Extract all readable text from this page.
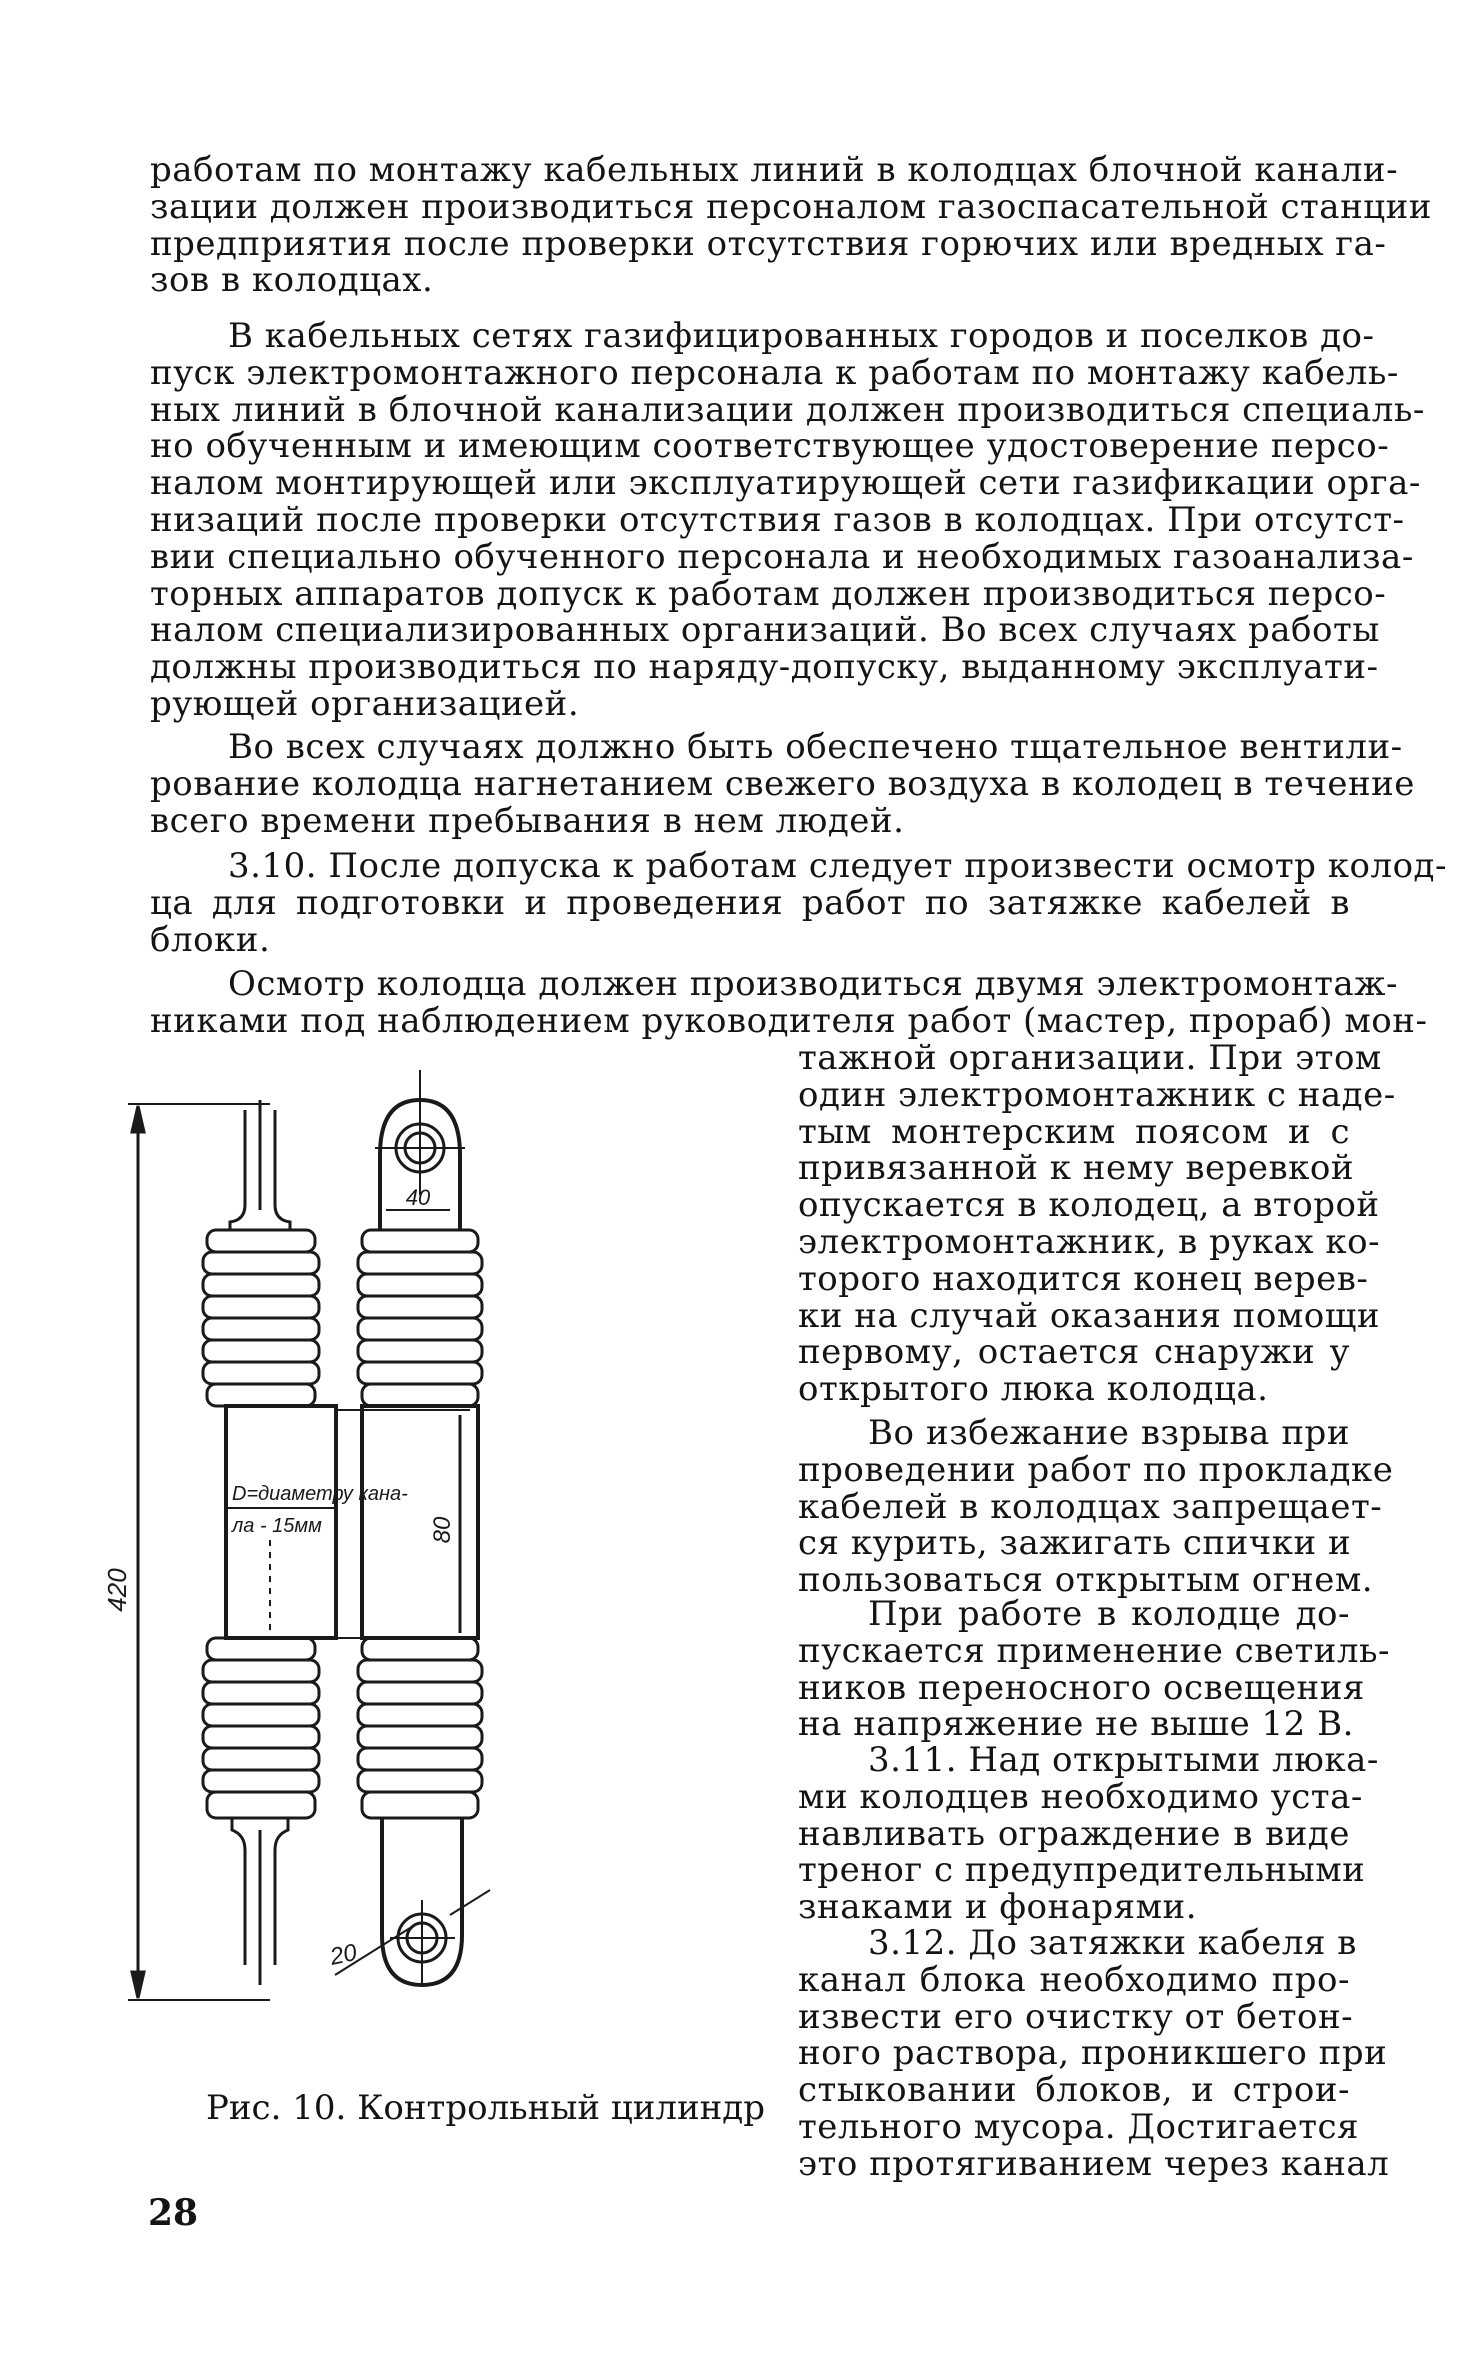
работам по монтажу кабельных линий в колодцах блочной канали-
зации должен производиться персоналом газоспасательной станции
предприятия после проверки отсутствия горючих или вредных га-
зов в колодцах.
В кабельных сетях газифицированных городов и поселков до-
пуск электромонтажного персонала к работам по монтажу кабель-
ных линий в блочной канализации должен производиться специаль-
но обученным и имеющим соответствующее удостоверение персо-
налом монтирующей или эксплуатирующей сети газификации орга-
низаций после проверки отсутствия газов в колодцах. При отсутст-
вии специально обученного персонала и необходимых газоанализа-
торных аппаратов допуск к работам должен производиться персо-
налом специализированных организаций. Во всех случаях работы
должны производиться по наряду-допуску, выданному эксплуати-
рующей организацией.
Во всех случаях должно быть обеспечено тщательное вентили-
рование колодца нагнетанием свежего воздуха в колодец в течение
всего времени пребывания в нем людей.
3.10. После допуска к работам следует произвести осмотр колод-
ца для подготовки и проведения работ по затяжке кабелей в
блоки.
Осмотр колодца должен производиться двумя электромонтаж-
никами под наблюдением руководителя работ (мастер, прораб) мон-
тажной организации. При этом
один электромонтажник с наде-
тым монтерским поясом и с
привязанной к нему веревкой
опускается в колодец, а второй
электромонтажник, в руках ко-
торого находится конец верев-
ки на случай оказания помощи
первому, остается снаружи у
открытого люка колодца.
Во избежание взрыва при
проведении работ по прокладке
кабелей в колодцах запрещает-
ся курить, зажигать спички и
пользоваться открытым огнем.
При работе в колодце до-
пускается применение светиль-
ников переносного освещения
на напряжение не выше 12 В.
3.11. Над открытыми люка-
ми колодцев необходимо уста-
навливать ограждение в виде
треног с предупредительными
знаками и фонарями.
3.12. До затяжки кабеля в
канал блока необходимо про-
извести его очистку от бетон-
ного раствора, проникшего при
стыковании блоков, и строи-
тельного мусора. Достигается
это протягиванием через канал
420
80
40
20
D=диаметру кана-
ла - 15мм
Рис. 10. Контрольный цилиндр
28
